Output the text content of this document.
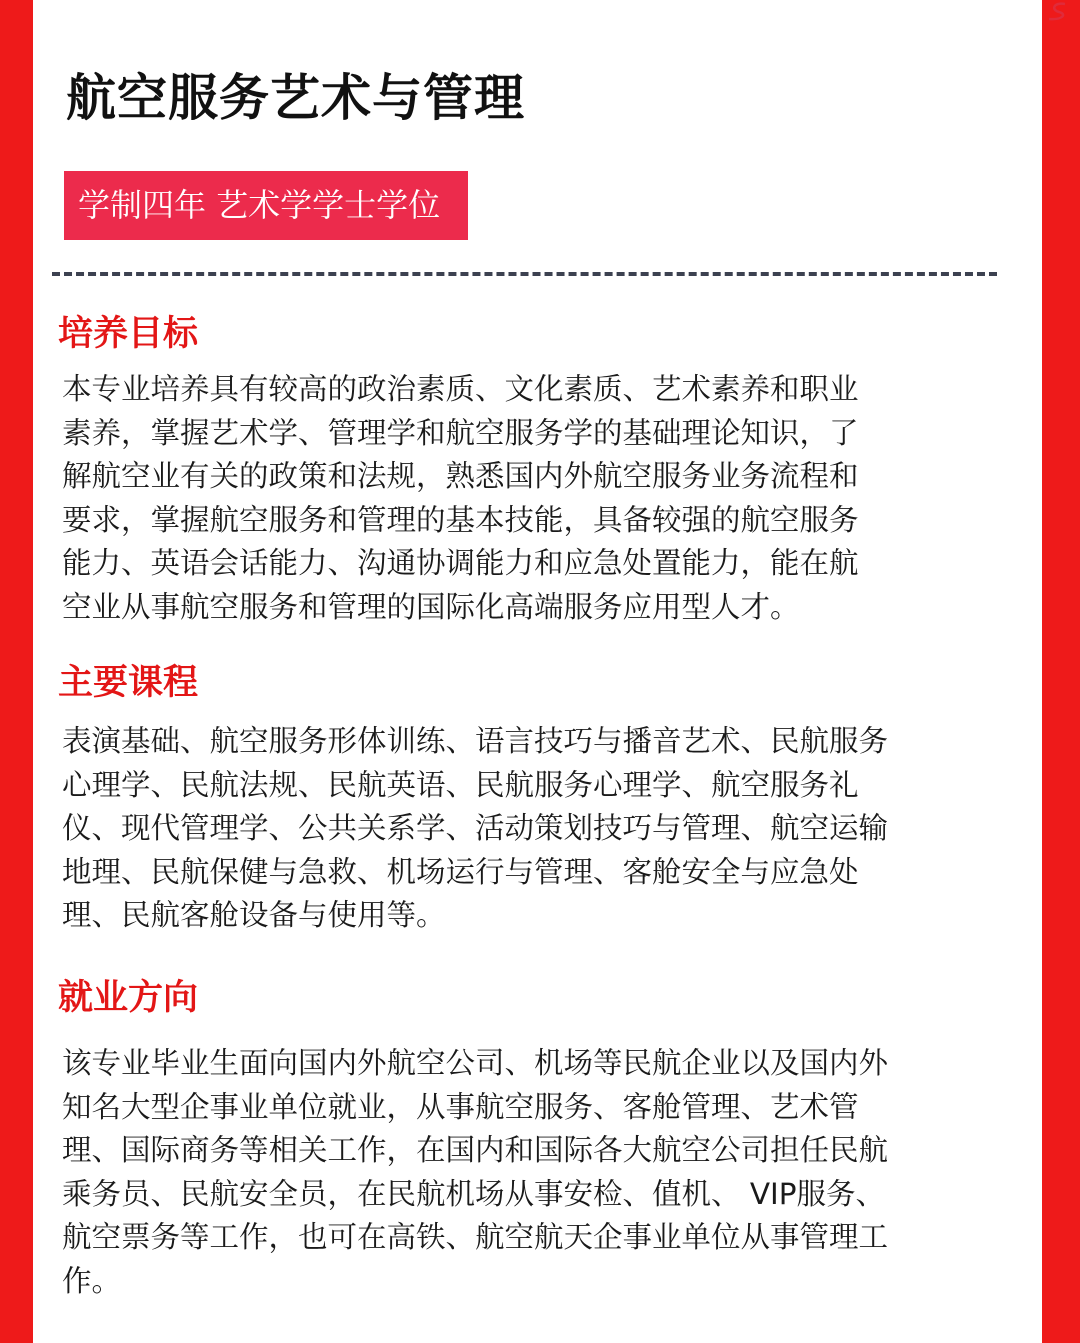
航空服务艺术与管理
学制四年 艺术学学士学位
培养目标
本专业培养具有较高的政治素质、文化素质、艺术素养和职业
素养，掌握艺术学、管理学和航空服务学的基础理论知识，了
解航空业有关的政策和法规，熟悉国内外航空服务业务流程和
要求，掌握航空服务和管理的基本技能，具备较强的航空服务
能力、英语会话能力、沟通协调能力和应急处置能力，能在航
空业从事航空服务和管理的国际化高端服务应用型人才。
主要课程
表演基础、航空服务形体训练、语言技巧与播音艺术、民航服务
心理学、民航法规、民航英语、民航服务心理学、航空服务礼
仪、现代管理学、公共关系学、活动策划技巧与管理、航空运输
地理、民航保健与急救、机场运行与管理、客舱安全与应急处
理、民航客舱设备与使用等。
就业方向
该专业毕业生面向国内外航空公司、机场等民航企业以及国内外
知名大型企事业单位就业，从事航空服务、客舱管理、艺术管
理、国际商务等相关工作，在国内和国际各大航空公司担任民航
乘务员、民航安全员，在民航机场从事安检、值机、 VIP服务、
航空票务等工作，也可在高铁、航空航天企事业单位从事管理工
作。
